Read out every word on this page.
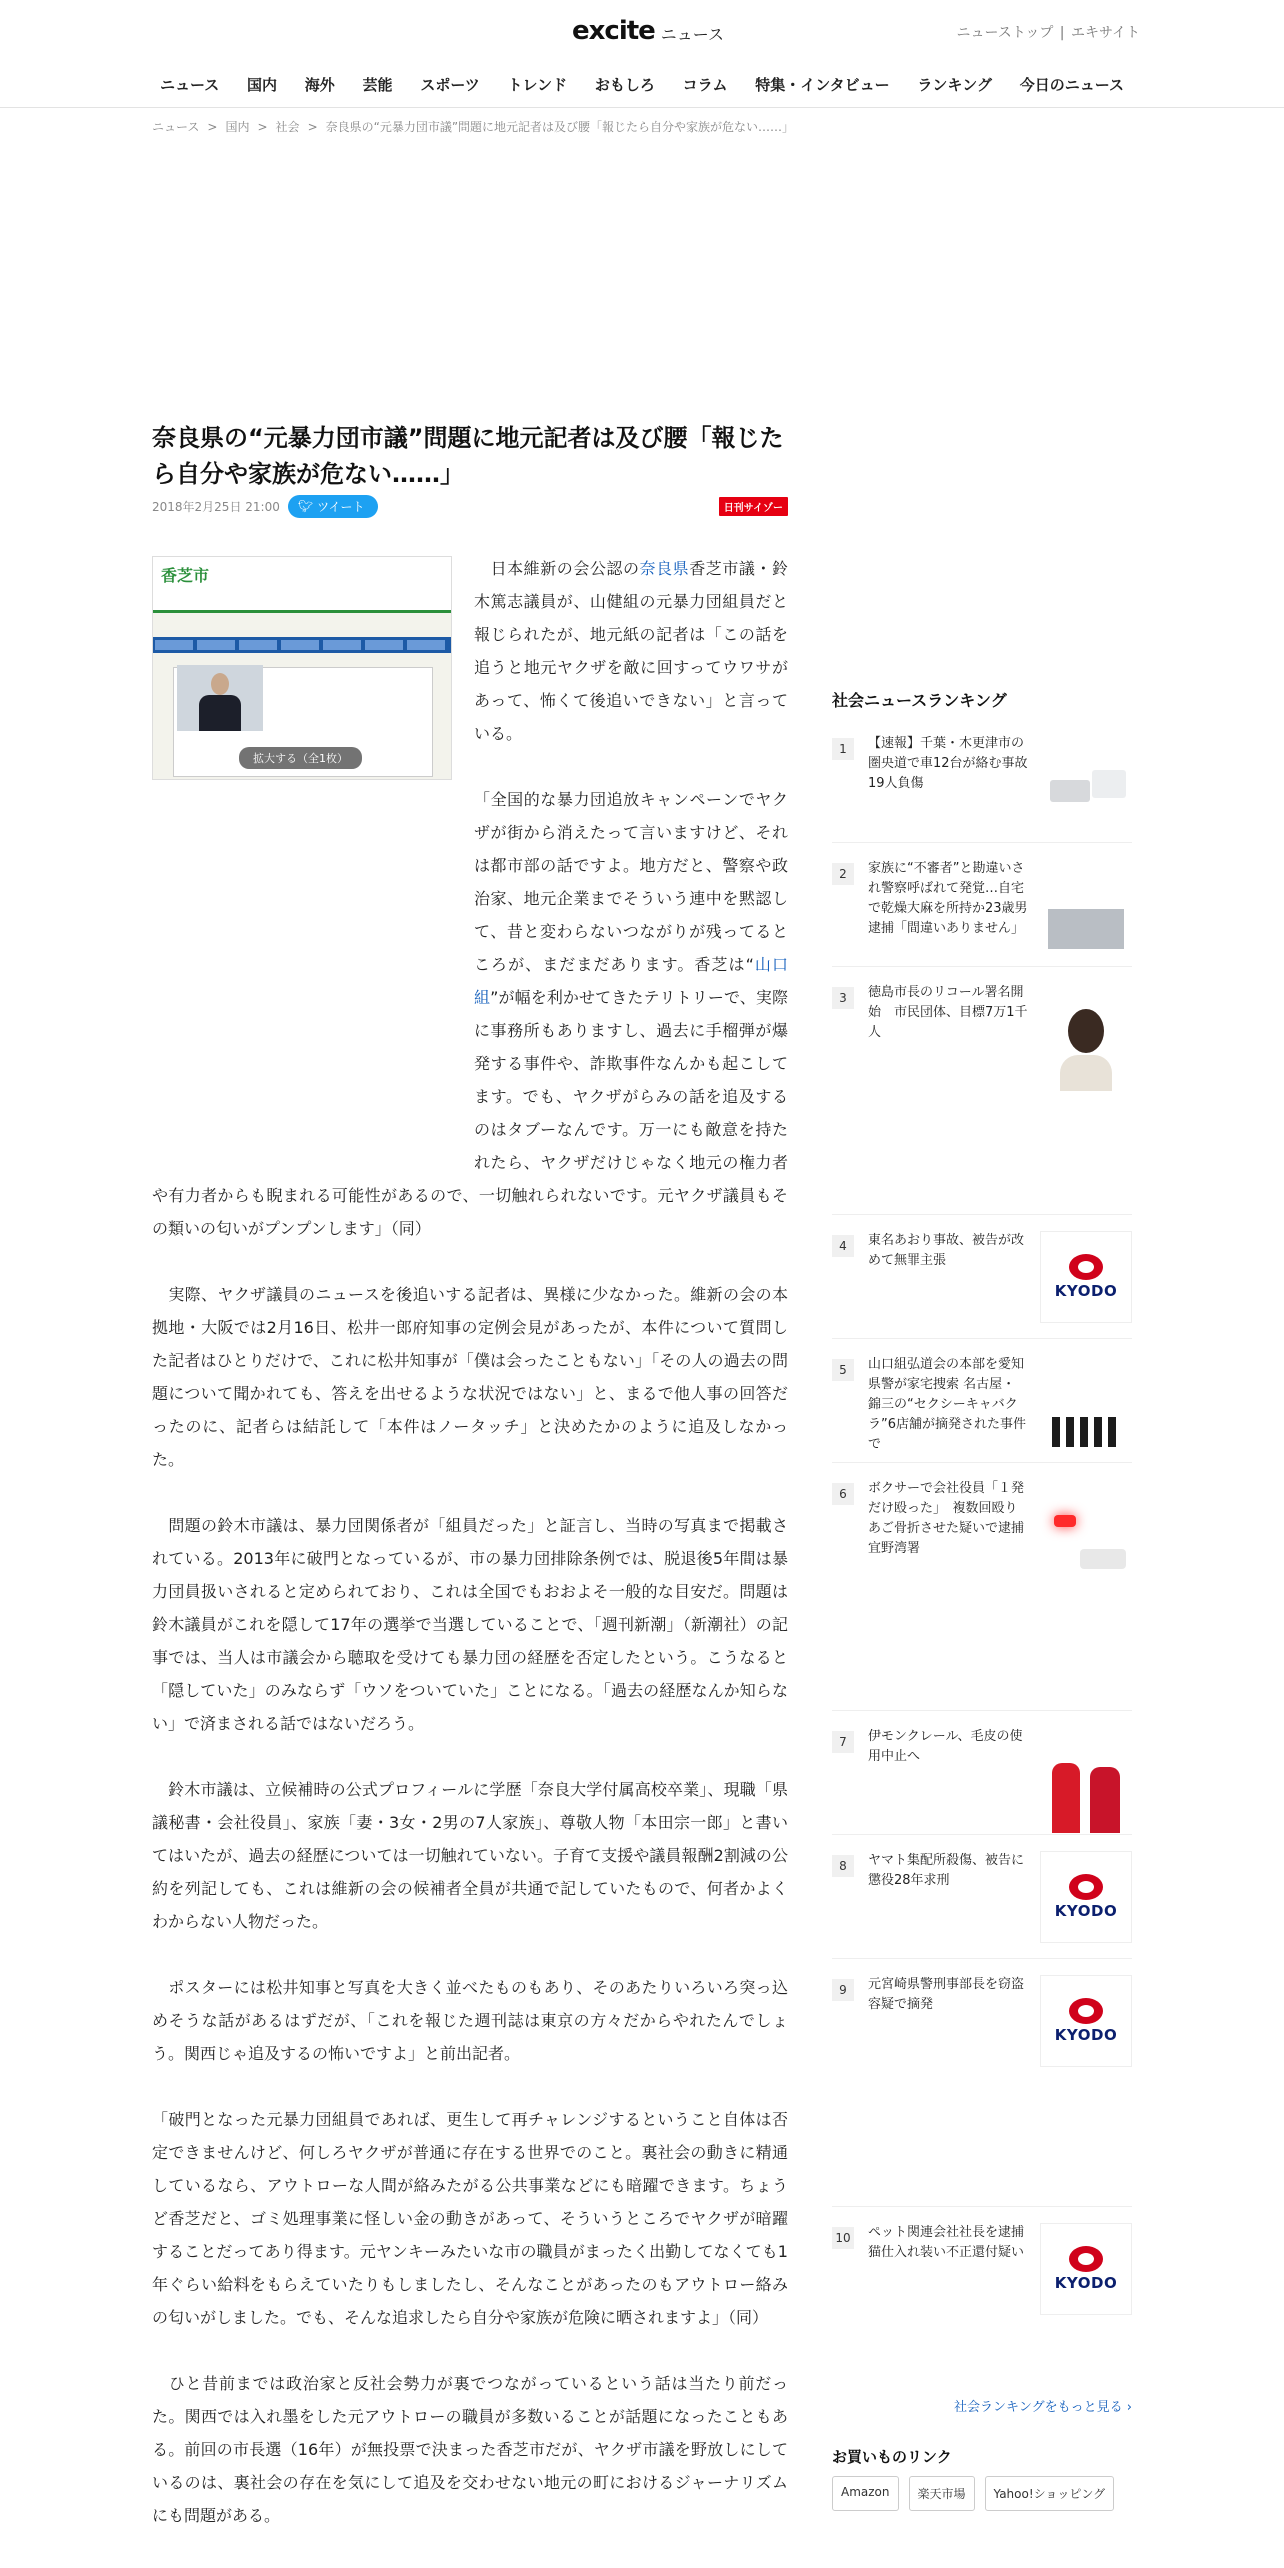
excite ニュース	ニューストップ | エキサイト
ニュース	国内	海外	芸能	スポーツ	トレンド	おもしろ	コラム	特集・インタビュー	ランキング	今日のニュース
ニュース > 国内 > 社会 > 奈良県の“元暴力団市議”問題に地元記者は及び腰「報じたら自分や家族が危ない……」
奈良県の“元暴力団市議”問題に地元記者は及び腰「報じたら自分や家族が危ない……」
2018年2月25日 21:00 🐦︎ ツイート	日刊サイゾー
香芝市
拡大する（全1枚）

　日本維新の会公認の奈良県香芝市議・鈴木篤志議員が、山健組の元暴力団組員だと報じられたが、地元紙の記者は「この話を追うと地元ヤクザを敵に回すってウワサがあって、怖くて後追いできない」と言っている。

「全国的な暴力団追放キャンペーンでヤクザが街から消えたって言いますけど、それは都市部の話ですよ。地方だと、警察や政治家、地元企業までそういう連中を黙認して、昔と変わらないつながりが残ってるところが、まだまだあります。香芝は“山口組”が幅を利かせてきたテリトリーで、実際に事務所もありますし、過去に手榴弾が爆発する事件や、詐欺事件なんかも起こしてます。でも、ヤクザがらみの話を追及するのはタブーなんです。万一にも敵意を持たれたら、ヤクザだけじゃなく地元の権力者や有力者からも睨まれる可能性があるので、一切触れられないです。元ヤクザ議員もその類いの匂いがプンプンします」（同）

　実際、ヤクザ議員のニュースを後追いする記者は、異様に少なかった。維新の会の本拠地・大阪では2月16日、松井一郎府知事の定例会見があったが、本件について質問した記者はひとりだけで、これに松井知事が「僕は会ったこともない」「その人の過去の問題について聞かれても、答えを出せるような状況ではない」と、まるで他人事の回答だったのに、記者らは結託して「本件はノータッチ」と決めたかのように追及しなかった。

　問題の鈴木市議は、暴力団関係者が「組員だった」と証言し、当時の写真まで掲載されている。2013年に破門となっているが、市の暴力団排除条例では、脱退後5年間は暴力団員扱いされると定められており、これは全国でもおおよそ一般的な目安だ。問題は鈴木議員がこれを隠して17年の選挙で当選していることで、「週刊新潮」（新潮社）の記事では、当人は市議会から聴取を受けても暴力団の経歴を否定したという。こうなると「隠していた」のみならず「ウソをついていた」ことになる。「過去の経歴なんか知らない」で済まされる話ではないだろう。

　鈴木市議は、立候補時の公式プロフィールに学歴「奈良大学付属高校卒業」、現職「県議秘書・会社役員」、家族「妻・3女・2男の7人家族」、尊敬人物「本田宗一郎」と書いてはいたが、過去の経歴については一切触れていない。子育て支援や議員報酬2割減の公約を列記しても、これは維新の会の候補者全員が共通で記していたもので、何者かよくわからない人物だった。

　ポスターには松井知事と写真を大きく並べたものもあり、そのあたりいろいろ突っ込めそうな話があるはずだが、「これを報じた週刊誌は東京の方々だからやれたんでしょう。関西じゃ追及するの怖いですよ」と前出記者。

「破門となった元暴力団組員であれば、更生して再チャレンジするということ自体は否定できませんけど、何しろヤクザが普通に存在する世界でのこと。裏社会の動きに精通しているなら、アウトローな人間が絡みたがる公共事業などにも暗躍できます。ちょうど香芝だと、ゴミ処理事業に怪しい金の動きがあって、そういうところでヤクザが暗躍することだってあり得ます。元ヤンキーみたいな市の職員がまったく出勤してなくても1年ぐらい給料をもらえていたりもしましたし、そんなことがあったのもアウトロー絡みの匂いがしました。でも、そんな追求したら自分や家族が危険に晒されますよ」（同）

　ひと昔前までは政治家と反社会勢力が裏でつながっているという話は当たり前だった。関西では入れ墨をした元アウトローの職員が多数いることが話題になったこともある。前回の市長選（16年）が無投票で決まった香芝市だが、ヤクザ市議を野放しにしているのは、裏社会の存在を気にして追及を交わせない地元の町におけるジャーナリズムにも問題がある。

社会ニュースランキング
1	【速報】千葉・木更津市の圏央道で車12台が絡む事故　19人負傷
2	家族に“不審者”と勘違いされ警察呼ばれて発覚…自宅で乾燥大麻を所持か23歳男逮捕「間違いありません」
3	徳島市長のリコール署名開始　市民団体、目標7万1千人
4	東名あおり事故、被告が改めて無罪主張
KYODO
5	山口組弘道会の本部を愛知県警が家宅捜索 名古屋・錦三の“セクシーキャバクラ”6店舗が摘発された事件で
6	ボクサーで会社役員「１発だけ殴った」　複数回殴りあご骨折させた疑いで逮捕　宜野湾署
7	伊モンクレール、毛皮の使用中止へ
8	ヤマト集配所殺傷、被告に懲役28年求刑
KYODO
9	元宮崎県警刑事部長を窃盗容疑で摘発
KYODO
10 ペット関連会社社長を逮捕　猫仕入れ装い不正還付疑い
KYODO
社会ランキングをもっと見る ›
お買いものリンク
Amazon	楽天市場	Yahoo!ショッピング
